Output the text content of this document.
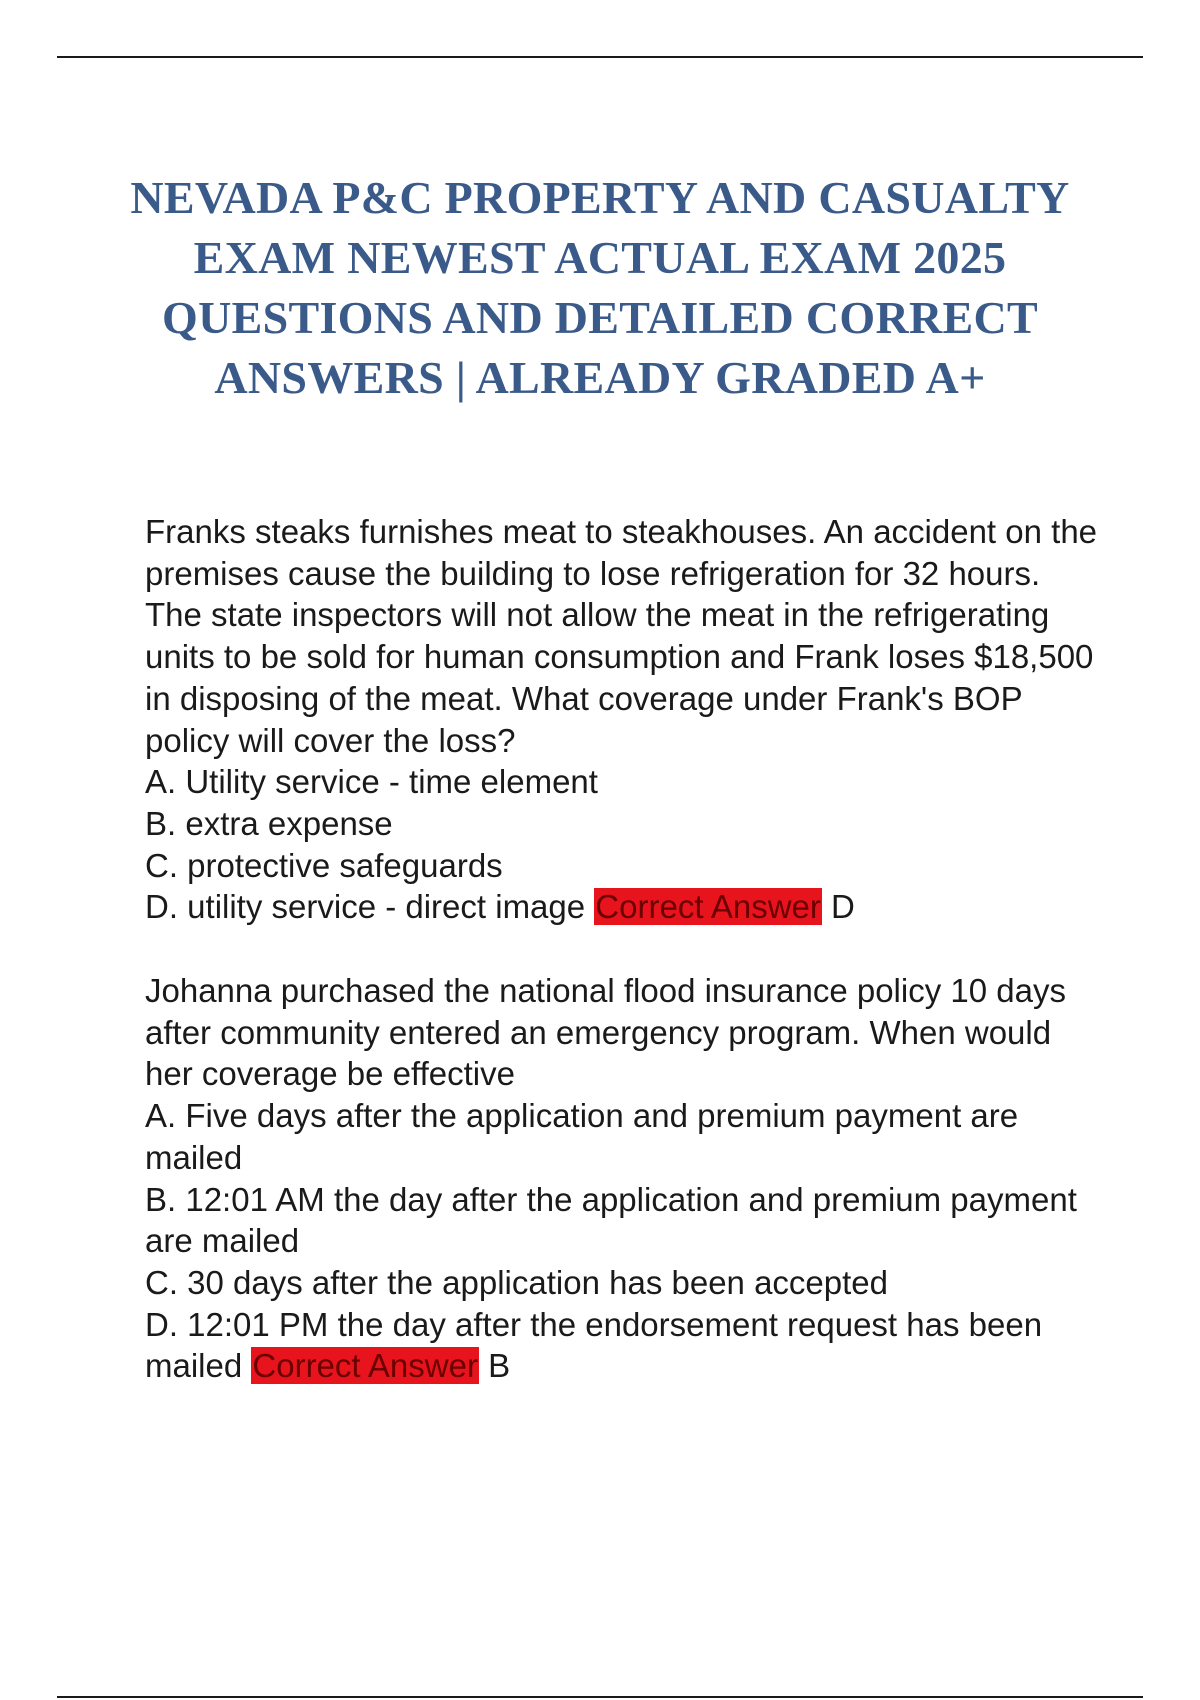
NEVADA P&C PROPERTY AND CASUALTY EXAM NEWEST ACTUAL EXAM 2025 QUESTIONS AND DETAILED CORRECT ANSWERS | ALREADY GRADED A+

Franks steaks furnishes meat to steakhouses. An accident on the premises cause the building to lose refrigeration for 32 hours. The state inspectors will not allow the meat in the refrigerating units to be sold for human consumption and Frank loses $18,500 in disposing of the meat. What coverage under Frank's BOP policy will cover the loss?

A. Utility service - time element

B. extra expense

C. protective safeguards

D. utility service - direct image Correct Answer D

Johanna purchased the national flood insurance policy 10 days after community entered an emergency program. When would her coverage be effective

A. Five days after the application and premium payment are mailed

B. 12:01 AM the day after the application and premium payment are mailed

C. 30 days after the application has been accepted

D. 12:01 PM the day after the endorsement request has been mailed Correct Answer B
